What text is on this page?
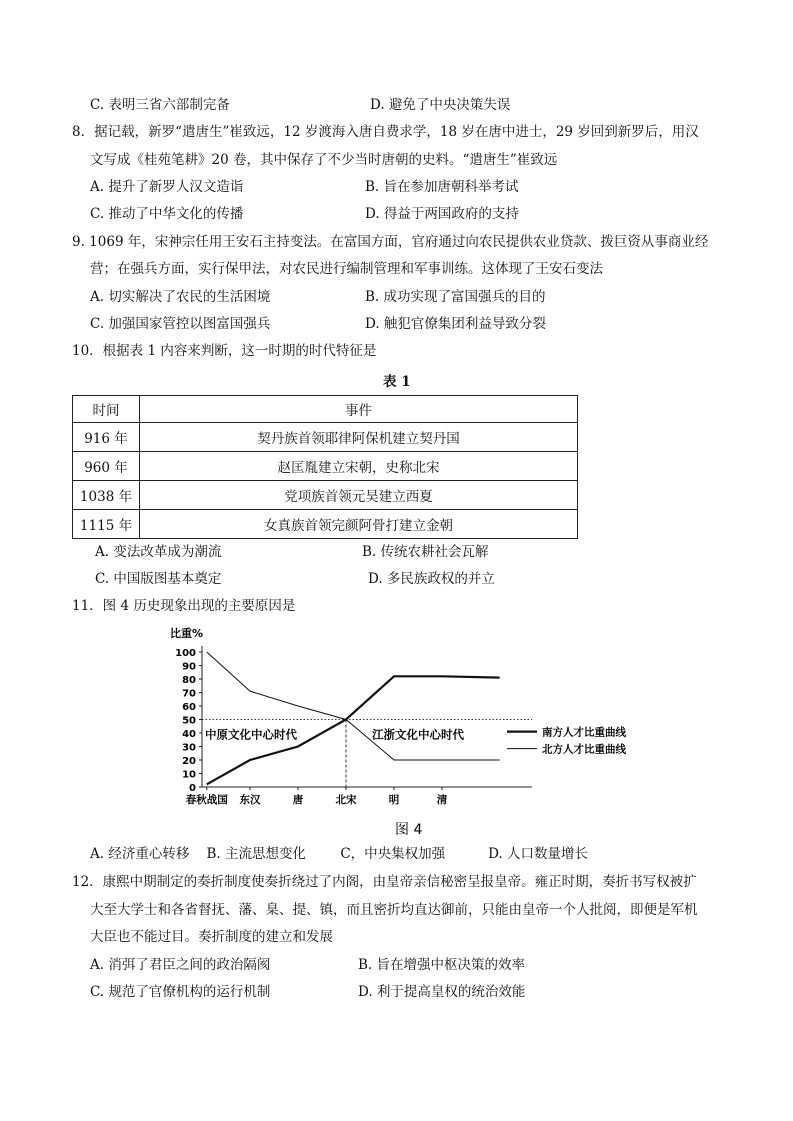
C. 表明三省六部制完备	D. 避免了中央决策失误
8．据记载，新罗“遣唐生”崔致远，12 岁渡海入唐自费求学，18 岁在唐中进士，29 岁回到新罗后，用汉
文写成《桂苑笔耕》20 卷，其中保存了不少当时唐朝的史料。“遣唐生”崔致远
A. 提升了新罗人汉文造诣	B. 旨在参加唐朝科举考试
C. 推动了中华文化的传播	D. 得益于两国政府的支持
9. 1069 年，宋神宗任用王安石主持变法。在富国方面，官府通过向农民提供农业贷款、拨巨资从事商业经
营；在强兵方面，实行保甲法，对农民进行编制管理和军事训练。这体现了王安石变法
A. 切实解决了农民的生活困境	B. 成功实现了富国强兵的目的
C. 加强国家管控以图富国强兵	D. 触犯官僚集团利益导致分裂
10．根据表 1 内容来判断，这一时期的时代特征是
表 1
时间	事件
916 年	契丹族首领耶律阿保机建立契丹国
960 年	赵匡胤建立宋朝，史称北宋
1038 年	党项族首领元昊建立西夏
1115 年	女真族首领完颜阿骨打建立金朝
A. 变法改革成为潮流	B. 传统农耕社会瓦解
C. 中国版图基本奠定	D. 多民族政权的并立
11．图 4 历史现象出现的主要原因是
比重%
0
10
20
30
40
50
60
70
80
90
100
春秋战国 东汉	唐	北宋	明	清
中原文化中心时代	江浙文化中心时代	南方人才比重曲线
北方人才比重曲线
图 4
A. 经济重心转移    B. 主流思想变化        C，中央集权加强          D. 人口数量增长
12．康熙中期制定的奏折制度使奏折绕过了内阁，由皇帝亲信秘密呈报皇帝。雍正时期，奏折书写权被扩
大至大学士和各省督抚、藩、臬、提、镇，而且密折均直达御前，只能由皇帝一个人批阅，即便是军机
大臣也不能过目。奏折制度的建立和发展
A. 消弭了君臣之间的政治隔阂	B. 旨在增强中枢决策的效率
C. 规范了官僚机构的运行机制	D. 利于提高皇权的统治效能
